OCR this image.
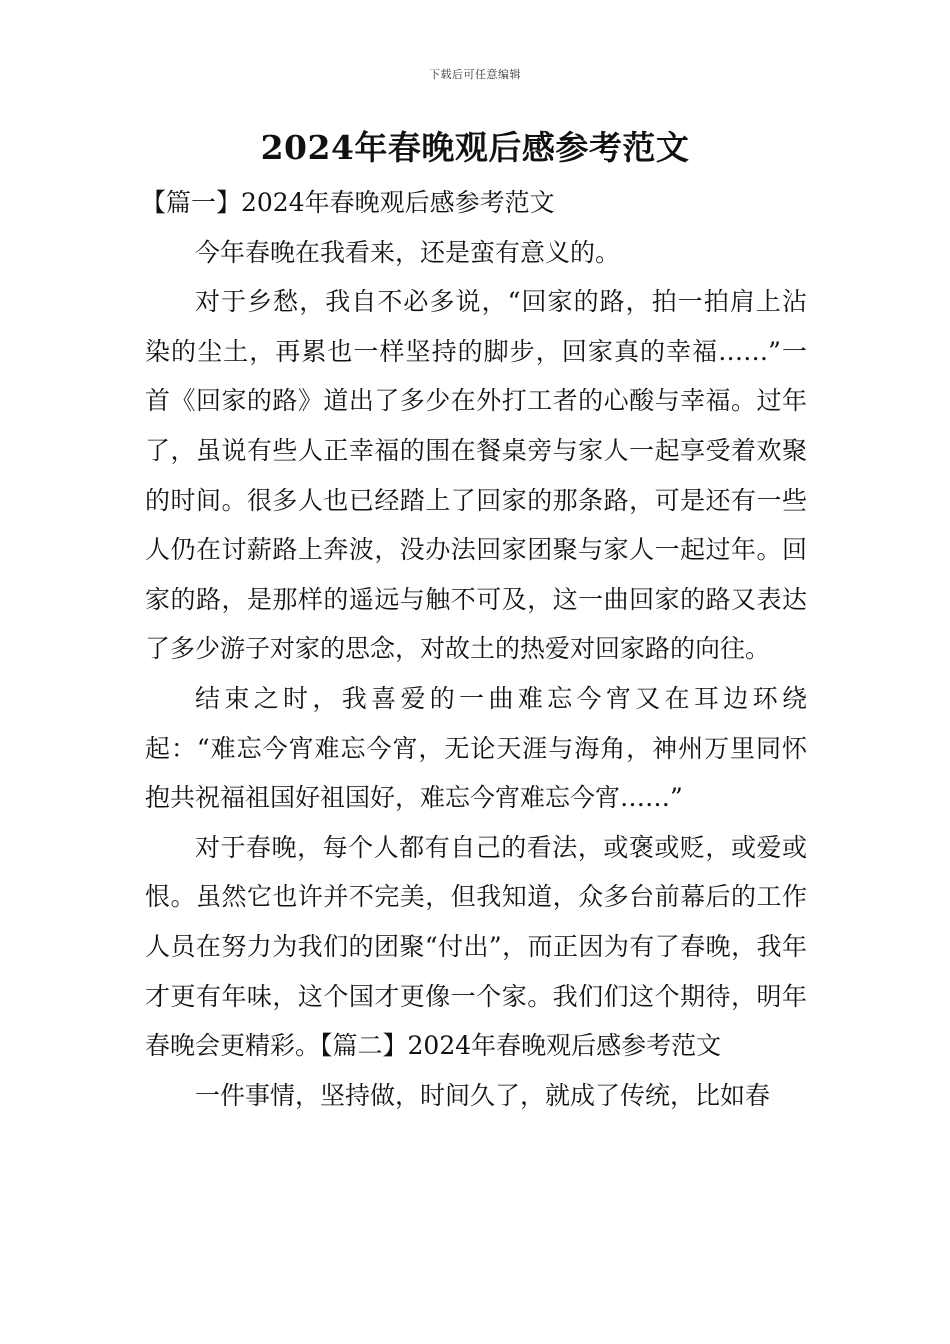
下载后可任意编辑
2024年春晚观后感参考范文

【篇一】2024年春晚观后感参考范文

今年春晚在我看来，还是蛮有意义的。

对于乡愁，我自不必多说，“回家的路，拍一拍肩上沾染的尘土，再累也一样坚持的脚步，回家真的幸福……”一首《回家的路》道出了多少在外打工者的心酸与幸福。过年了，虽说有些人正幸福的围在餐桌旁与家人一起享受着欢聚的时间。很多人也已经踏上了回家的那条路，可是还有一些人仍在讨薪路上奔波，没办法回家团聚与家人一起过年。回家的路，是那样的遥远与触不可及，这一曲回家的路又表达了多少游子对家的思念，对故土的热爱对回家路的向往。

结束之时，我喜爱的一曲难忘今宵又在耳边环绕起：“难忘今宵难忘今宵，无论天涯与海角，神州万里同怀抱共祝福祖国好祖国好，难忘今宵难忘今宵……”

对于春晚，每个人都有自己的看法，或褒或贬，或爱或恨。虽然它也许并不完美，但我知道，众多台前幕后的工作人员在努力为我们的团聚“付出”，而正因为有了春晚，我年才更有年味，这个国才更像一个家。我们们这个期待，明年春晚会更精彩。【篇二】2024年春晚观后感参考范文

一件事情，坚持做，时间久了，就成了传统，比如春
